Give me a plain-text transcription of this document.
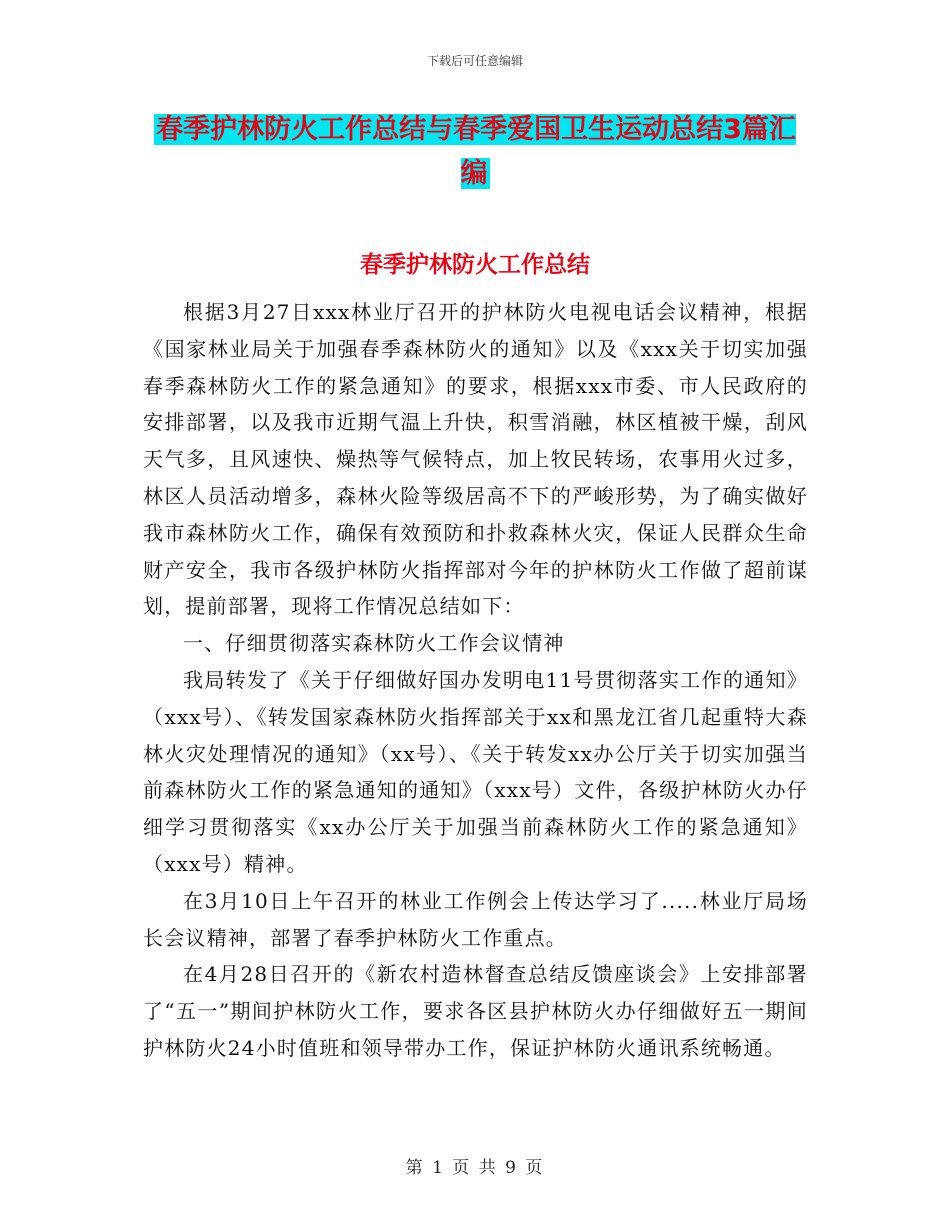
下载后可任意编辑
春季护林防火工作总结与春季爱国卫生运动总结3篇汇编
春季护林防火工作总结

根据3月27日xxx林业厅召开的护林防火电视电话会议精神，根据《国家林业局关于加强春季森林防火的通知》以及《xxx关于切实加强春季森林防火工作的紧急通知》的要求，根据xxx市委、市人民政府的安排部署，以及我市近期气温上升快，积雪消融，林区植被干燥，刮风天气多，且风速快、燥热等气候特点，加上牧民转场，农事用火过多，林区人员活动增多，森林火险等级居高不下的严峻形势，为了确实做好我市森林防火工作，确保有效预防和扑救森林火灾，保证人民群众生命财产安全，我市各级护林防火指挥部对今年的护林防火工作做了超前谋划，提前部署，现将工作情况总结如下：

一、仔细贯彻落实森林防火工作会议情神

我局转发了《关于仔细做好国办发明电11号贯彻落实工作的通知》（xxx号）、《转发国家森林防火指挥部关于xx和黑龙江省几起重特大森林火灾处理情况的通知》（xx号）、《关于转发xx办公厅关于切实加强当前森林防火工作的紧急通知的通知》（xxx号）文件，各级护林防火办仔细学习贯彻落实《xx办公厅关于加强当前森林防火工作的紧急通知》（xxx号）精神。

在3月10日上午召开的林业工作例会上传达学习了.....林业厅局场长会议精神，部署了春季护林防火工作重点。

在4月28日召开的《新农村造林督查总结反馈座谈会》上安排部署了“五一”期间护林防火工作，要求各区县护林防火办仔细做好五一期间护林防火24小时值班和领导带办工作，保证护林防火通讯系统畅通。

第 1 页 共 9 页
